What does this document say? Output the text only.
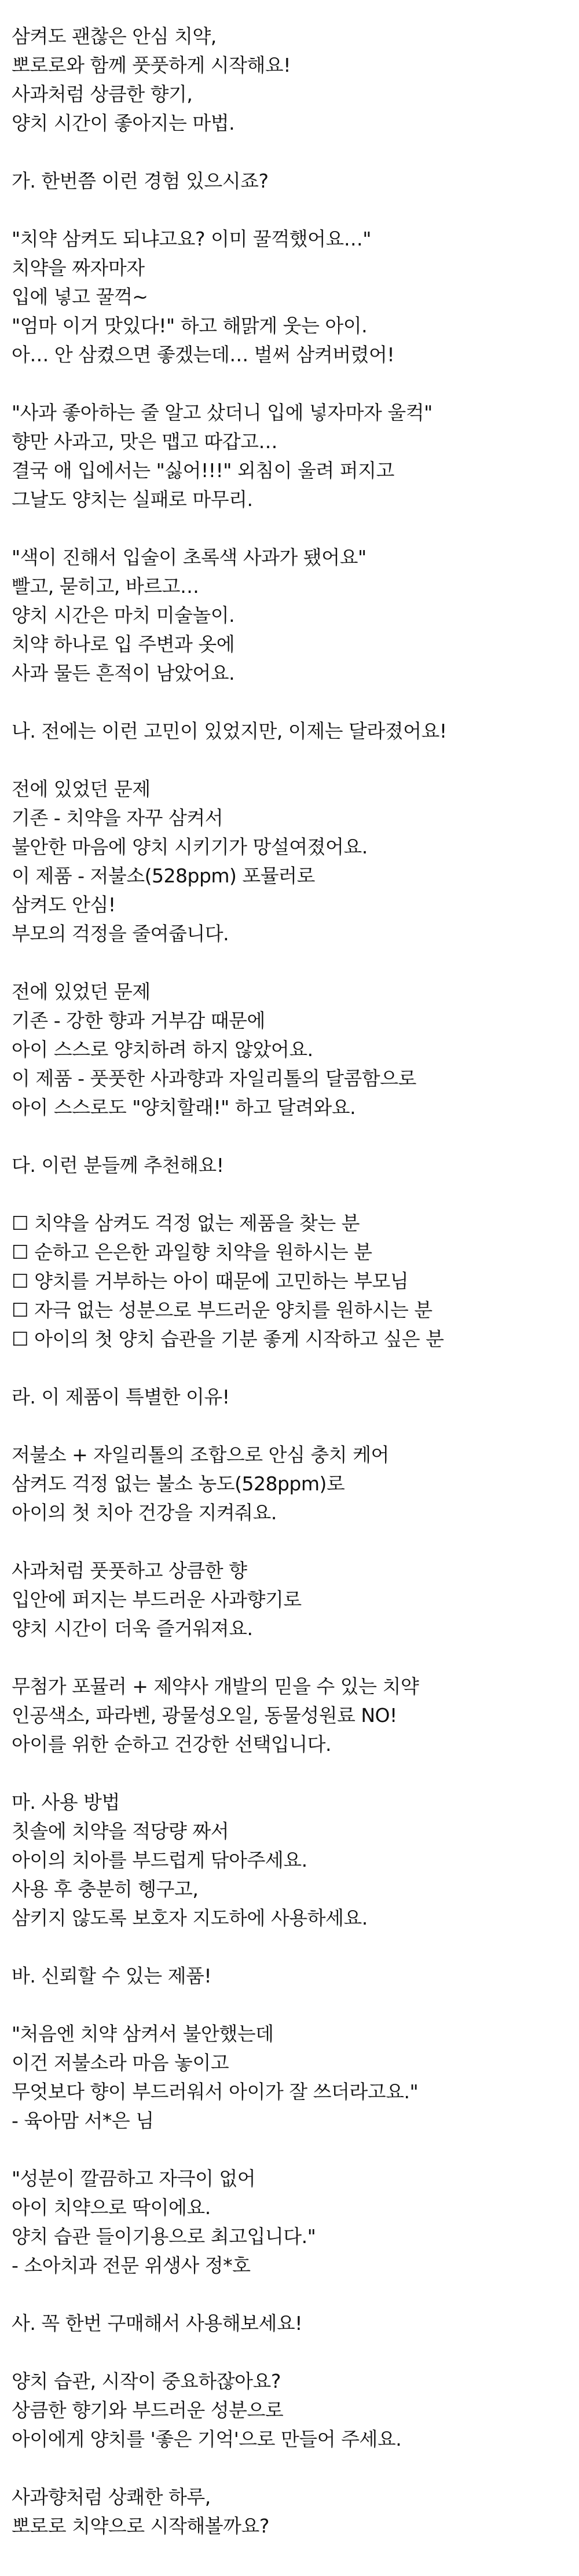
삼켜도 괜찮은 안심 치약,
뽀로로와 함께 풋풋하게 시작해요!
사과처럼 상큼한 향기,
양치 시간이 좋아지는 마법.
가. 한번쯤 이런 경험 있으시죠?
"치약 삼켜도 되냐고요? 이미 꿀꺽했어요…"
치약을 짜자마자
입에 넣고 꿀꺽~
"엄마 이거 맛있다!" 하고 해맑게 웃는 아이.
아… 안 삼켰으면 좋겠는데… 벌써 삼켜버렸어!
"사과 좋아하는 줄 알고 샀더니 입에 넣자마자 울컥"
향만 사과고, 맛은 맵고 따갑고…
결국 애 입에서는 "싫어!!!" 외침이 울려 퍼지고
그날도 양치는 실패로 마무리.
"색이 진해서 입술이 초록색 사과가 됐어요"
빨고, 묻히고, 바르고…
양치 시간은 마치 미술놀이.
치약 하나로 입 주변과 옷에
사과 물든 흔적이 남았어요.
나. 전에는 이런 고민이 있었지만, 이제는 달라졌어요!
전에 있었던 문제
기존 - 치약을 자꾸 삼켜서
불안한 마음에 양치 시키기가 망설여졌어요.
이 제품 - 저불소(528ppm) 포뮬러로
삼켜도 안심!
부모의 걱정을 줄여줍니다.
전에 있었던 문제
기존 - 강한 향과 거부감 때문에
아이 스스로 양치하려 하지 않았어요.
이 제품 - 풋풋한 사과향과 자일리톨의 달콤함으로
아이 스스로도 "양치할래!" 하고 달려와요.
다. 이런 분들께 추천해요!
☐ 치약을 삼켜도 걱정 없는 제품을 찾는 분
☐ 순하고 은은한 과일향 치약을 원하시는 분
☐ 양치를 거부하는 아이 때문에 고민하는 부모님
☐ 자극 없는 성분으로 부드러운 양치를 원하시는 분
☐ 아이의 첫 양치 습관을 기분 좋게 시작하고 싶은 분
라. 이 제품이 특별한 이유!
저불소 + 자일리톨의 조합으로 안심 충치 케어
삼켜도 걱정 없는 불소 농도(528ppm)로
아이의 첫 치아 건강을 지켜줘요.
사과처럼 풋풋하고 상큼한 향
입안에 퍼지는 부드러운 사과향기로
양치 시간이 더욱 즐거워져요.
무첨가 포뮬러 + 제약사 개발의 믿을 수 있는 치약
인공색소, 파라벤, 광물성오일, 동물성원료 NO!
아이를 위한 순하고 건강한 선택입니다.
마. 사용 방법
칫솔에 치약을 적당량 짜서
아이의 치아를 부드럽게 닦아주세요.
사용 후 충분히 헹구고,
삼키지 않도록 보호자 지도하에 사용하세요.
바. 신뢰할 수 있는 제품!
"처음엔 치약 삼켜서 불안했는데
이건 저불소라 마음 놓이고
무엇보다 향이 부드러워서 아이가 잘 쓰더라고요."
- 육아맘 서*은 님
"성분이 깔끔하고 자극이 없어
아이 치약으로 딱이에요.
양치 습관 들이기용으로 최고입니다."
- 소아치과 전문 위생사 정*호
사. 꼭 한번 구매해서 사용해보세요!
양치 습관, 시작이 중요하잖아요?
상큼한 향기와 부드러운 성분으로
아이에게 양치를 '좋은 기억'으로 만들어 주세요.
사과향처럼 상쾌한 하루,
뽀로로 치약으로 시작해볼까요?
